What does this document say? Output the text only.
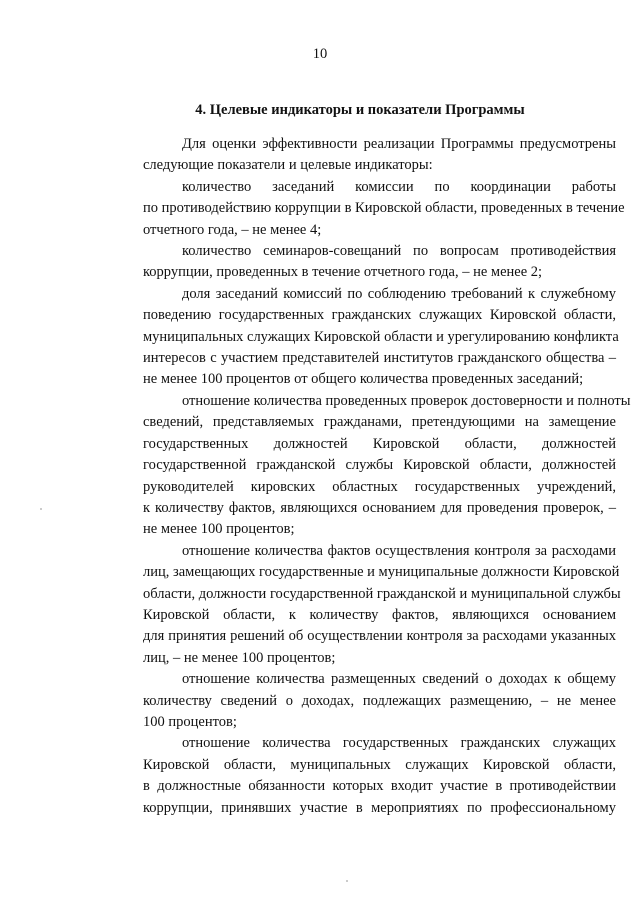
10
4. Целевые индикаторы и показатели Программы

Для оценки эффективности реализации Программы предусмотрены
следующие показатели и целевые индикаторы:

количество заседаний комиссии по координации работы
по противодействию коррупции в Кировской области, проведенных в течение
отчетного года, – не менее 4;

количество семинаров-совещаний по вопросам противодействия
коррупции, проведенных в течение отчетного года, – не менее 2;

доля заседаний комиссий по соблюдению требований к служебному
поведению государственных гражданских служащих Кировской области,
муниципальных служащих Кировской области и урегулированию конфликта
интересов с участием представителей институтов гражданского общества –
не менее 100 процентов от общего количества проведенных заседаний;

отношение количества проведенных проверок достоверности и полноты
сведений, представляемых гражданами, претендующими на замещение
государственных должностей Кировской области, должностей
государственной гражданской службы Кировской области, должностей
руководителей кировских областных государственных учреждений,
к количеству фактов, являющихся основанием для проведения проверок, –
не менее 100 процентов;

отношение количества фактов осуществления контроля за расходами
лиц, замещающих государственные и муниципальные должности Кировской
области, должности государственной гражданской и муниципальной службы
Кировской области, к количеству фактов, являющихся основанием
для принятия решений об осуществлении контроля за расходами указанных
лиц, – не менее 100 процентов;

отношение количества размещенных сведений о доходах к общему
количеству сведений о доходах, подлежащих размещению, – не менее
100 процентов;

отношение количества государственных гражданских служащих
Кировской области, муниципальных служащих Кировской области,
в должностные обязанности которых входит участие в противодействии
коррупции, принявших участие в мероприятиях по профессиональному
